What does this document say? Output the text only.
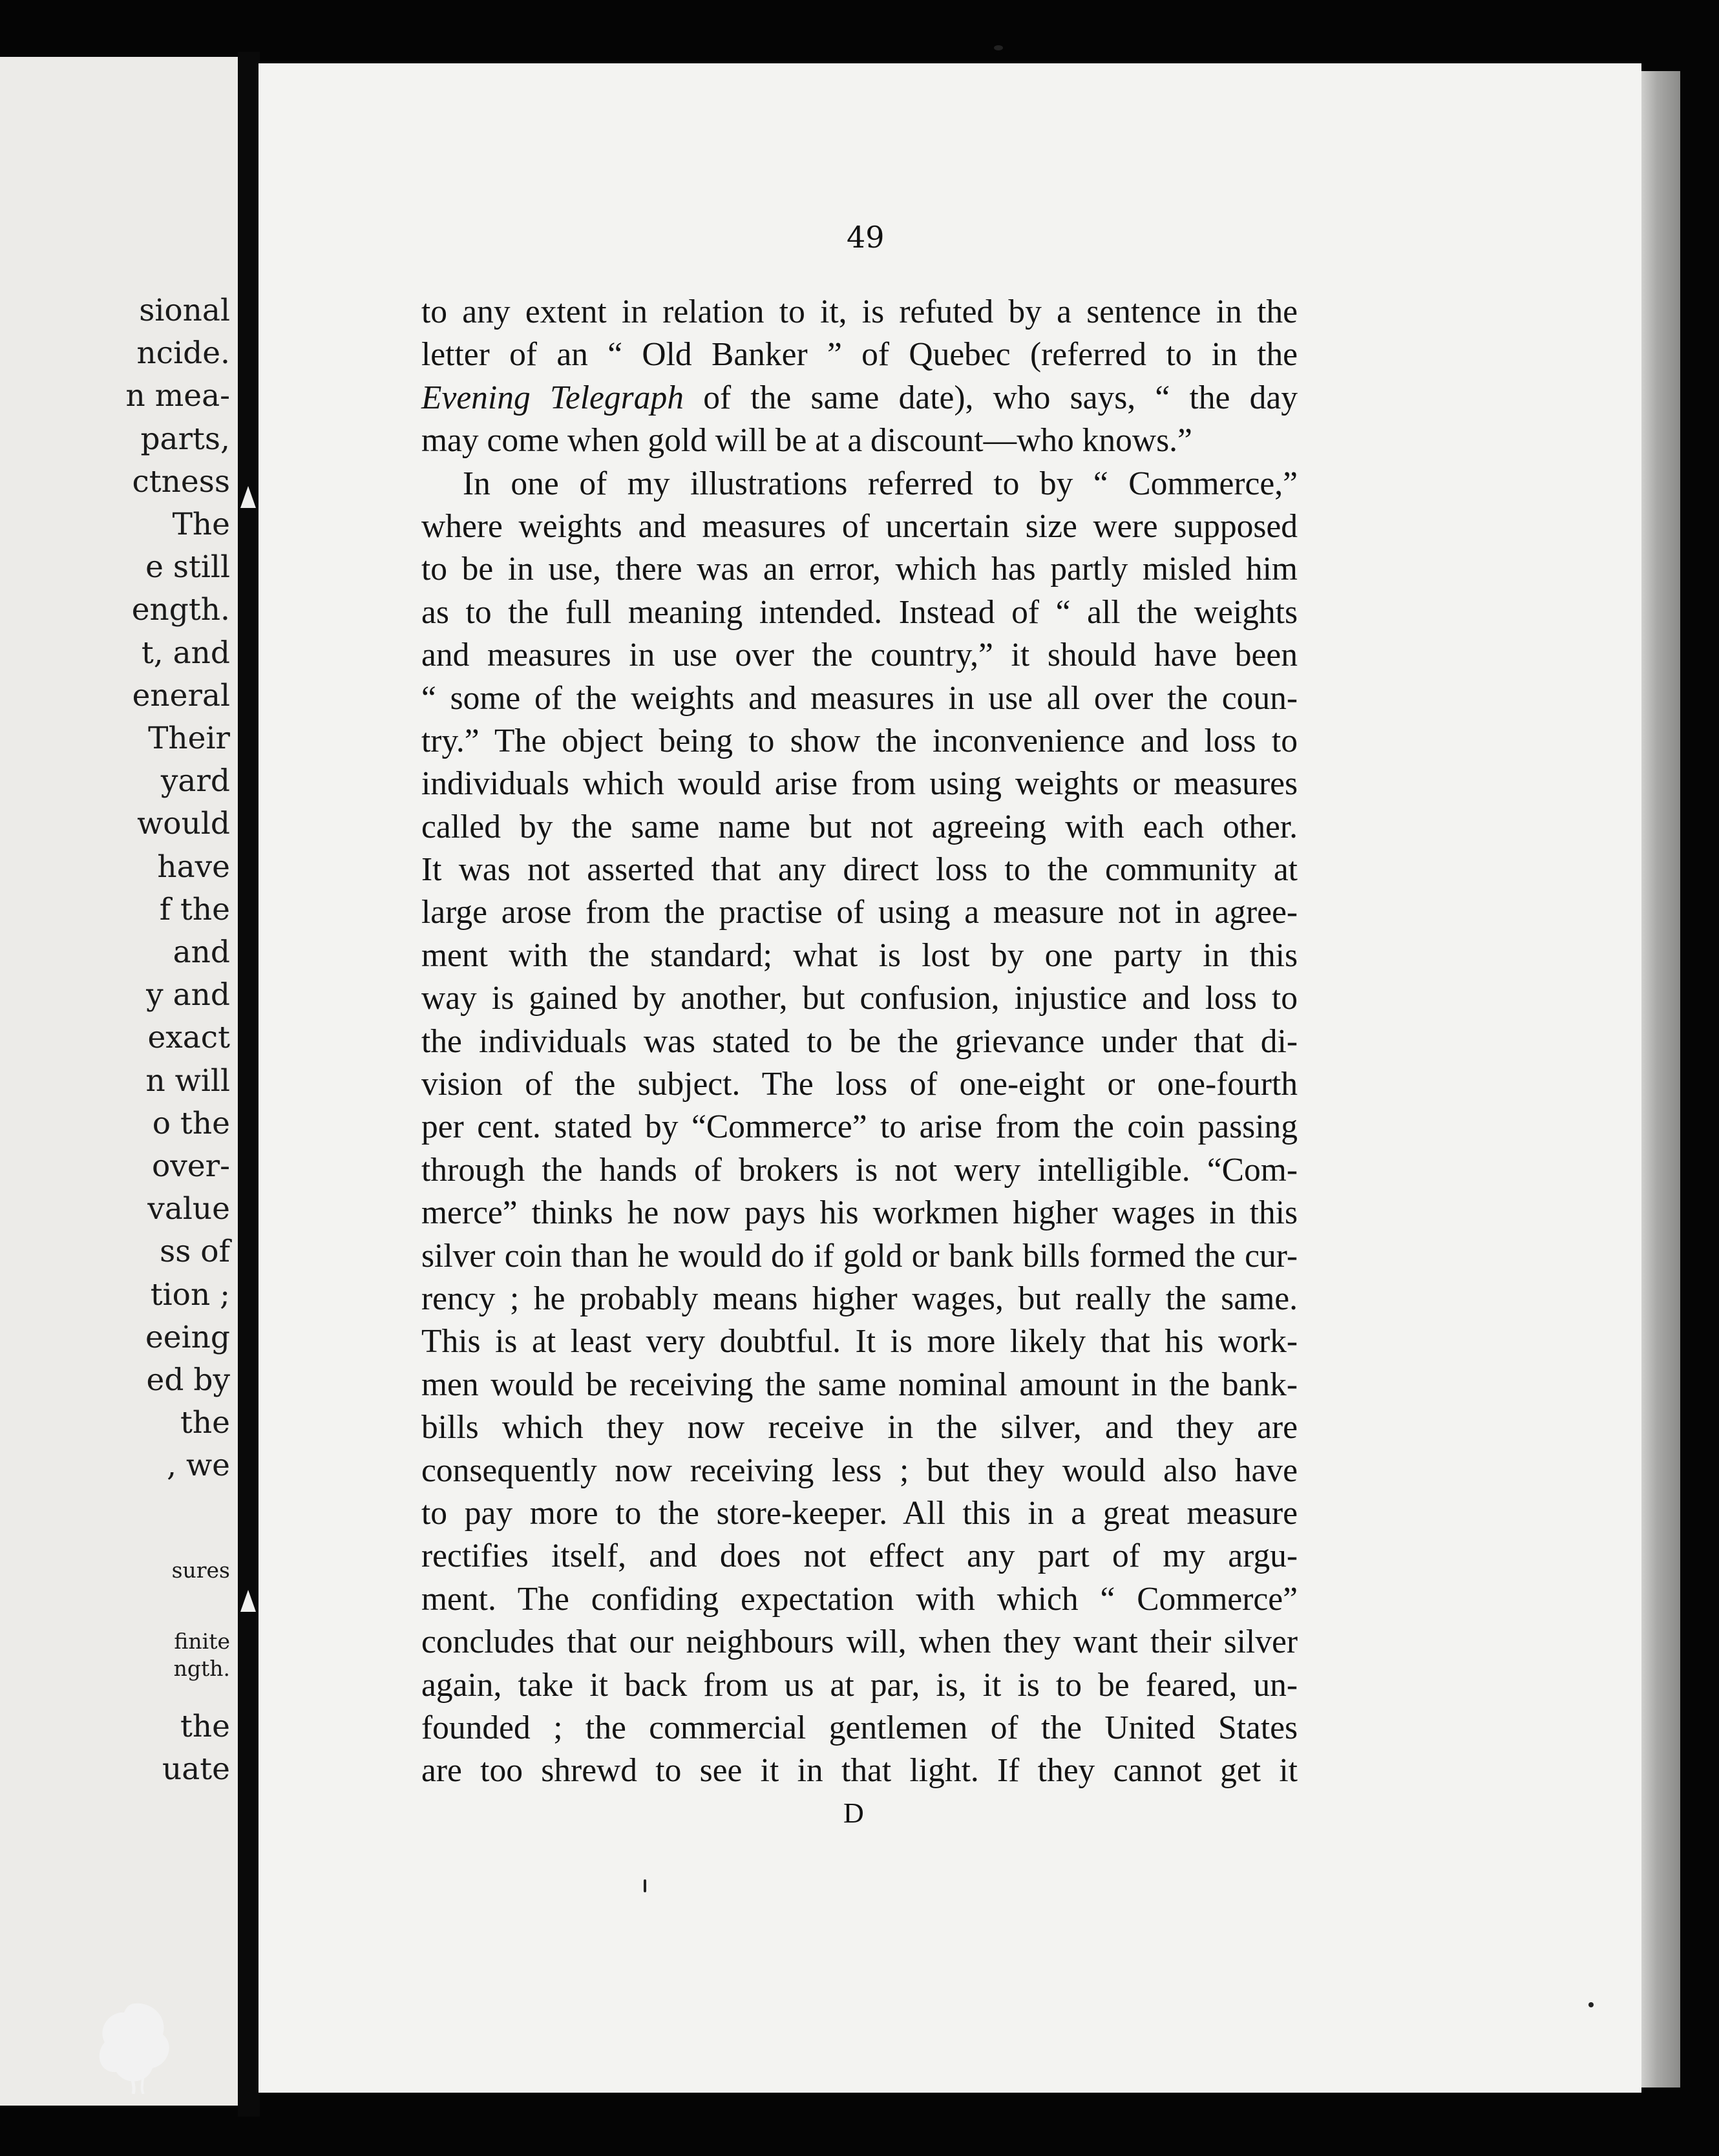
sional
ncide.
n mea-
parts,
ctness
The
e still
ength.
t, and
eneral
Their
yard
would
have
f the
and
y and
exact
n will
o the
over-
value
ss of
tion ;
eeing
ed by
the
, we
sures
finite
ngth.
the
uate
49
to any extent in relation to it, is refuted by a sentence in the
letter of an “ Old Banker ” of Quebec (referred to in the
Evening Telegraph of the same date), who says, “ the day
may come when gold will be at a discount—who knows.”
In one of my illustrations referred to by “ Commerce,”
where weights and measures of uncertain size were supposed
to be in use, there was an error, which has partly misled him
as to the full meaning intended. Instead of “ all the weights
and measures in use over the country,” it should have been
“ some of the weights and measures in use all over the coun-
try.” The object being to show the inconvenience and loss to
individuals which would arise from using weights or measures
called by the same name but not agreeing with each other.
It was not asserted that any direct loss to the community at
large arose from the practise of using a measure not in agree-
ment with the standard; what is lost by one party in this
way is gained by another, but confusion, injustice and loss to
the individuals was stated to be the grievance under that di-
vision of the subject. The loss of one-eight or one-fourth
per cent. stated by “Commerce” to arise from the coin passing
through the hands of brokers is not wery intelligible. “Com-
merce” thinks he now pays his workmen higher wages in this
silver coin than he would do if gold or bank bills formed the cur-
rency ; he probably means higher wages, but really the same.
This is at least very doubtful. It is more likely that his work-
men would be receiving the same nominal amount in the bank-
bills which they now receive in the silver, and they are
consequently now receiving less ; but they would also have
to pay more to the store-keeper. All this in a great measure
rectifies itself, and does not effect any part of my argu-
ment. The confiding expectation with which “ Commerce”
concludes that our neighbours will, when they want their silver
again, take it back from us at par, is, it is to be feared, un-
founded ; the commercial gentlemen of the United States
are too shrewd to see it in that light. If they cannot get it
D
